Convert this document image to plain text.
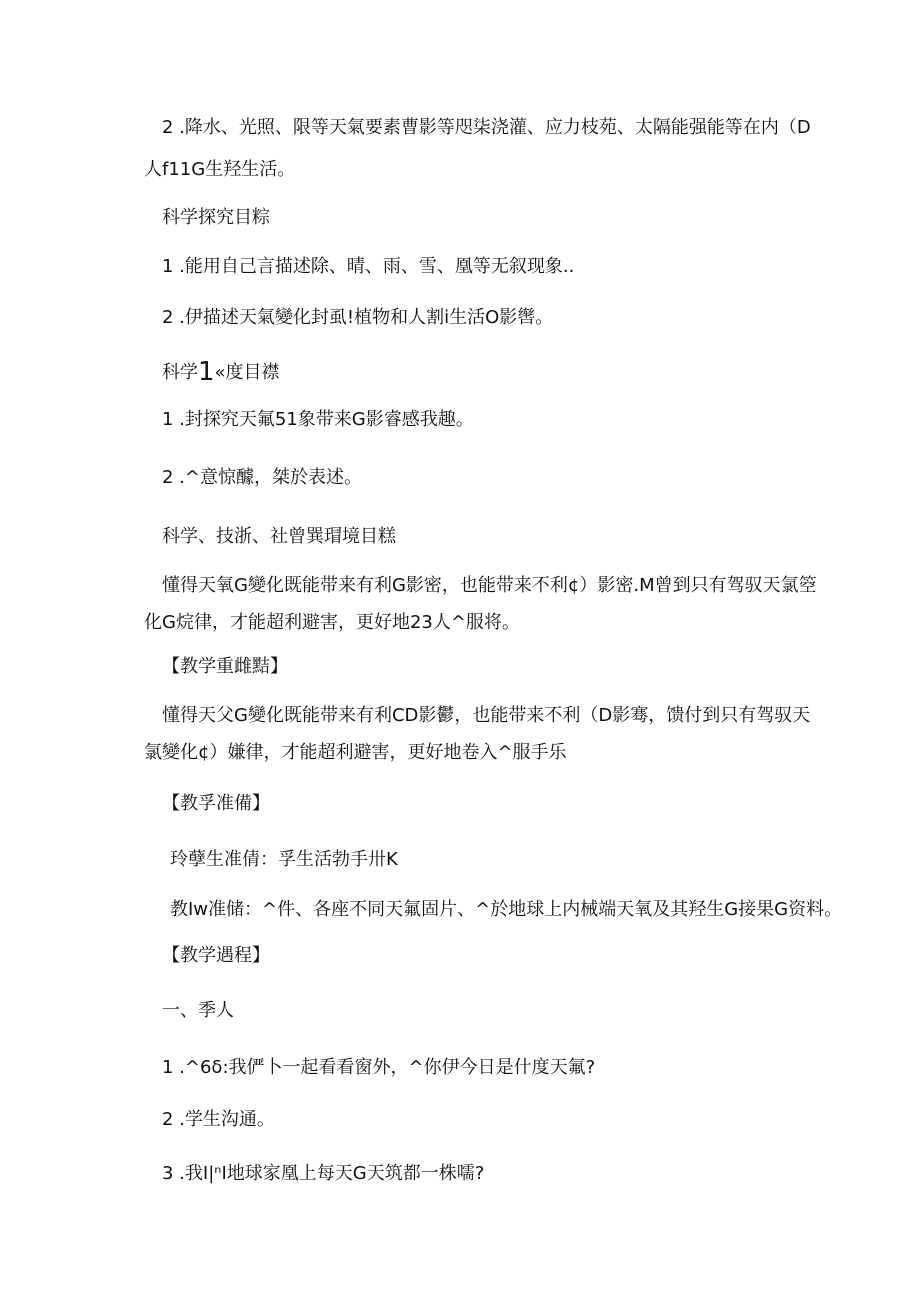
2 .降水、光照、限等天氣要素曹影等咫柒浇灌、应力枝苑、太隔能强能等在内（D

人f11G生羟生活。

科学探究目粽

1 .能用自己言描述除、晴、雨、雪、凰等无叙现象..

2 .伊描述天氣變化封虱!植物和人割i生活O影辔。

科学1«度目襟

1 .封探究天氟51象带来G影睿感我趣。

2 .^意惊醵，桀於表述。

科学、技浙、社曾巽瑁境目糕

懂得天氧G變化既能带来有利G影密，也能带来不利¢）影密.M曾到只有驾驭天氯箜

化G烷律，才能超利避害，更好地23人^服将。

【教学重雌黠】

懂得天父G變化既能带来有利CD影鬱，也能带来不利（D影骞，馈付到只有驾驭天

氯變化¢）嫌律，才能超利避害，更好地卷入^服手乐

【教孚准備】

玲孽生准倩：孚生活勃手卅K

教Iw准储：^件、各座不同天氟固片、^於地球上内械端天氧及其羟生G接果G资料。

【教学遇程】

一、季人

1 .^6δ:我俨卜一起看看窗外，^你伊今日是什度天氟?

2 .学生沟通。

3 .我I|ⁿI地球家凰上每天G天筑都一株嚅?
